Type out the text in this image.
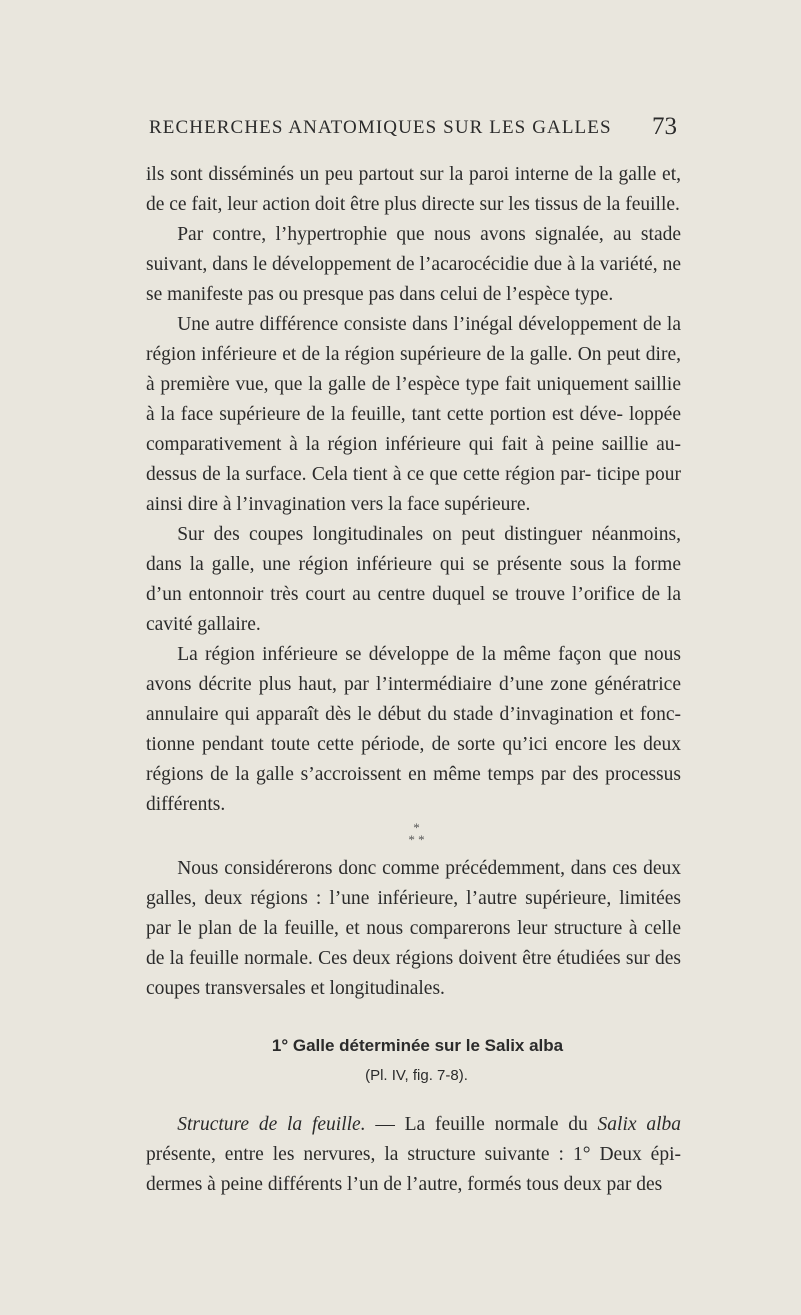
RECHERCHES ANATOMIQUES SUR LES GALLES 73

ils sont disséminés un peu partout sur la paroi interne de la galle et, de ce fait, leur action doit être plus directe sur les tissus de la feuille.

Par contre, l’hypertrophie que nous avons signalée, au stade suivant, dans le développement de l’acarocécidie due à la variété, ne se manifeste pas ou presque pas dans celui de l’espèce type.

Une autre différence consiste dans l’inégal développement de la région inférieure et de la région supérieure de la galle. On peut dire, à première vue, que la galle de l’espèce type fait uniquement saillie à la face supérieure de la feuille, tant cette portion est déve- loppée comparativement à la région inférieure qui fait à peine saillie au-dessus de la surface. Cela tient à ce que cette région par- ticipe pour ainsi dire à l’invagination vers la face supérieure.

Sur des coupes longitudinales on peut distinguer néanmoins, dans la galle, une région inférieure qui se présente sous la forme d’un entonnoir très court au centre duquel se trouve l’orifice de la cavité gallaire.

La région inférieure se développe de la même façon que nous avons décrite plus haut, par l’intermédiaire d’une zone génératrice annulaire qui apparaît dès le début du stade d’invagination et fonc- tionne pendant toute cette période, de sorte qu’ici encore les deux régions de la galle s’accroissent en même temps par des processus différents.

*
* *

Nous considérerons donc comme précédemment, dans ces deux galles, deux régions : l’une inférieure, l’autre supérieure, limitées par le plan de la feuille, et nous comparerons leur structure à celle de la feuille normale. Ces deux régions doivent être étudiées sur des coupes transversales et longitudinales.

1° Galle déterminée sur le Salix alba
(Pl. IV, fig. 7-8).

Structure de la feuille. — La feuille normale du Salix alba présente, entre les nervures, la structure suivante : 1° Deux épi- dermes à peine différents l’un de l’autre, formés tous deux par des
